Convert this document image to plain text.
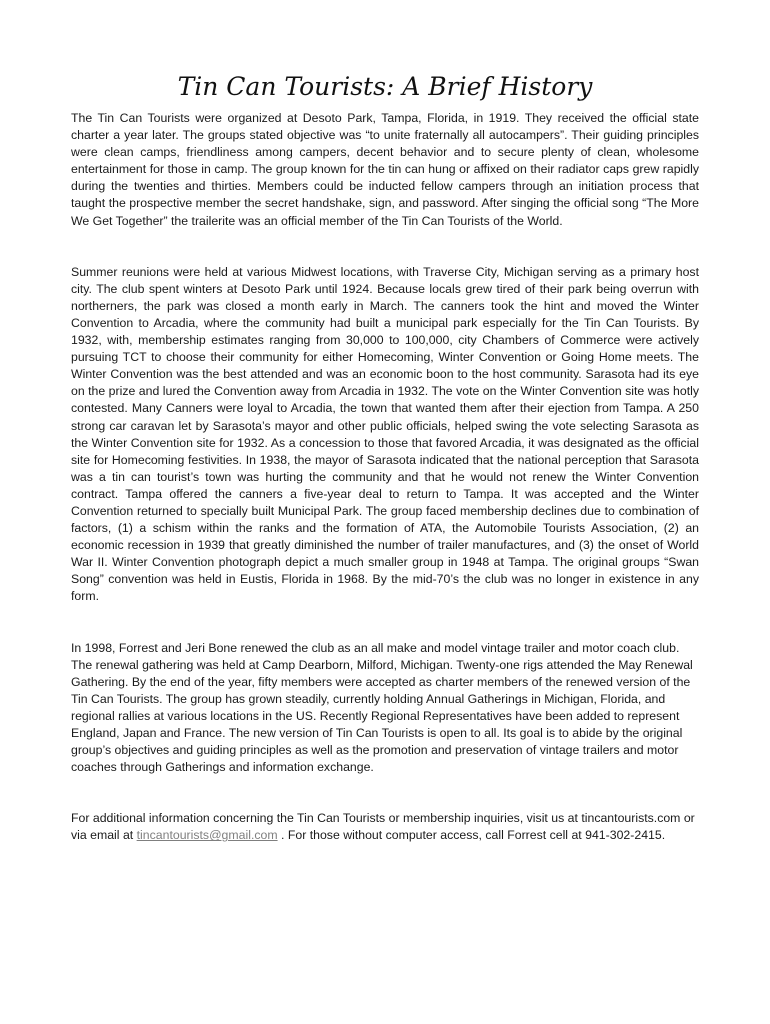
Tin Can Tourists: A Brief History

The Tin Can Tourists were organized at Desoto Park, Tampa, Florida, in 1919. They received the official state charter a year later. The groups stated objective was “to unite fraternally all autocampers”. Their guiding principles were clean camps, friendliness among campers, decent behavior and to secure plenty of clean, wholesome entertainment for those in camp. The group known for the tin can hung or affixed on their radiator caps grew rapidly during the twenties and thirties. Members could be inducted fellow campers through an initiation process that taught the prospective member the secret handshake, sign, and password. After singing the official song “The More We Get Together” the trailerite was an official member of the Tin Can Tourists of the World.

Summer reunions were held at various Midwest locations, with Traverse City, Michigan serving as a primary host city. The club spent winters at Desoto Park until 1924. Because locals grew tired of their park being overrun with northerners, the park was closed a month early in March. The canners took the hint and moved the Winter Convention to Arcadia, where the community had built a municipal park especially for the Tin Can Tourists. By 1932, with, membership estimates ranging from 30,000 to 100,000, city Chambers of Commerce were actively pursuing TCT to choose their community for either Homecoming, Winter Convention or Going Home meets. The Winter Convention was the best attended and was an economic boon to the host community. Sarasota had its eye on the prize and lured the Convention away from Arcadia in 1932. The vote on the Winter Convention site was hotly contested. Many Canners were loyal to Arcadia, the town that wanted them after their ejection from Tampa. A 250 strong car caravan let by Sarasota’s mayor and other public officials, helped swing the vote selecting Sarasota as the Winter Convention site for 1932. As a concession to those that favored Arcadia, it was designated as the official site for Homecoming festivities. In 1938, the mayor of Sarasota indicated that the national perception that Sarasota was a tin can tourist’s town was hurting the community and that he would not renew the Winter Convention contract. Tampa offered the canners a five-year deal to return to Tampa. It was accepted and the Winter Convention returned to specially built Municipal Park. The group faced membership declines due to combination of factors, (1) a schism within the ranks and the formation of ATA, the Automobile Tourists Association, (2) an economic recession in 1939 that greatly diminished the number of trailer manufactures, and (3) the onset of World War II. Winter Convention photograph depict a much smaller group in 1948 at Tampa. The original groups “Swan Song” convention was held in Eustis, Florida in 1968. By the mid-70’s the club was no longer in existence in any form.

In 1998, Forrest and Jeri Bone renewed the club as an all make and model vintage trailer and motor coach club. The renewal gathering was held at Camp Dearborn, Milford, Michigan. Twenty-one rigs attended the May Renewal Gathering. By the end of the year, fifty members were accepted as charter members of the renewed version of the Tin Can Tourists. The group has grown steadily, currently holding Annual Gatherings in Michigan, Florida, and regional rallies at various locations in the US. Recently Regional Representatives have been added to represent England, Japan and France. The new version of Tin Can Tourists is open to all. Its goal is to abide by the original group’s objectives and guiding principles as well as the promotion and preservation of vintage trailers and motor coaches through Gatherings and information exchange.

For additional information concerning the Tin Can Tourists or membership inquiries, visit us at tincantourists.com or via email at tincantourists@gmail.com . For those without computer access, call Forrest cell at 941-302-2415.
